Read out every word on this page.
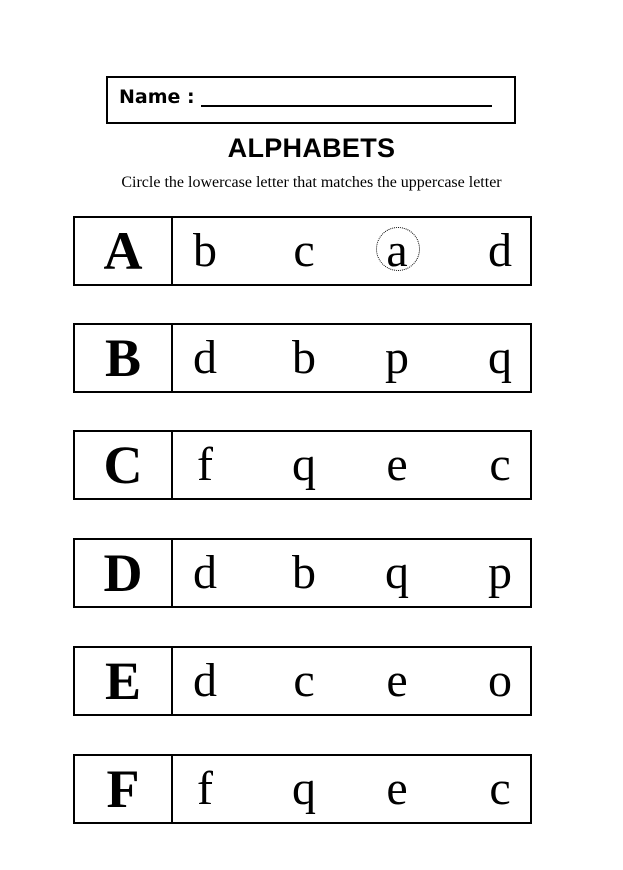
Name :
ALPHABETS
Circle the lowercase letter that matches the uppercase letter
A	b	c	a	d
B	d	b	p	q
C	f	q	e	c
D	d	b	q	p
E	d	c	e	o
F	f	q	e	c
